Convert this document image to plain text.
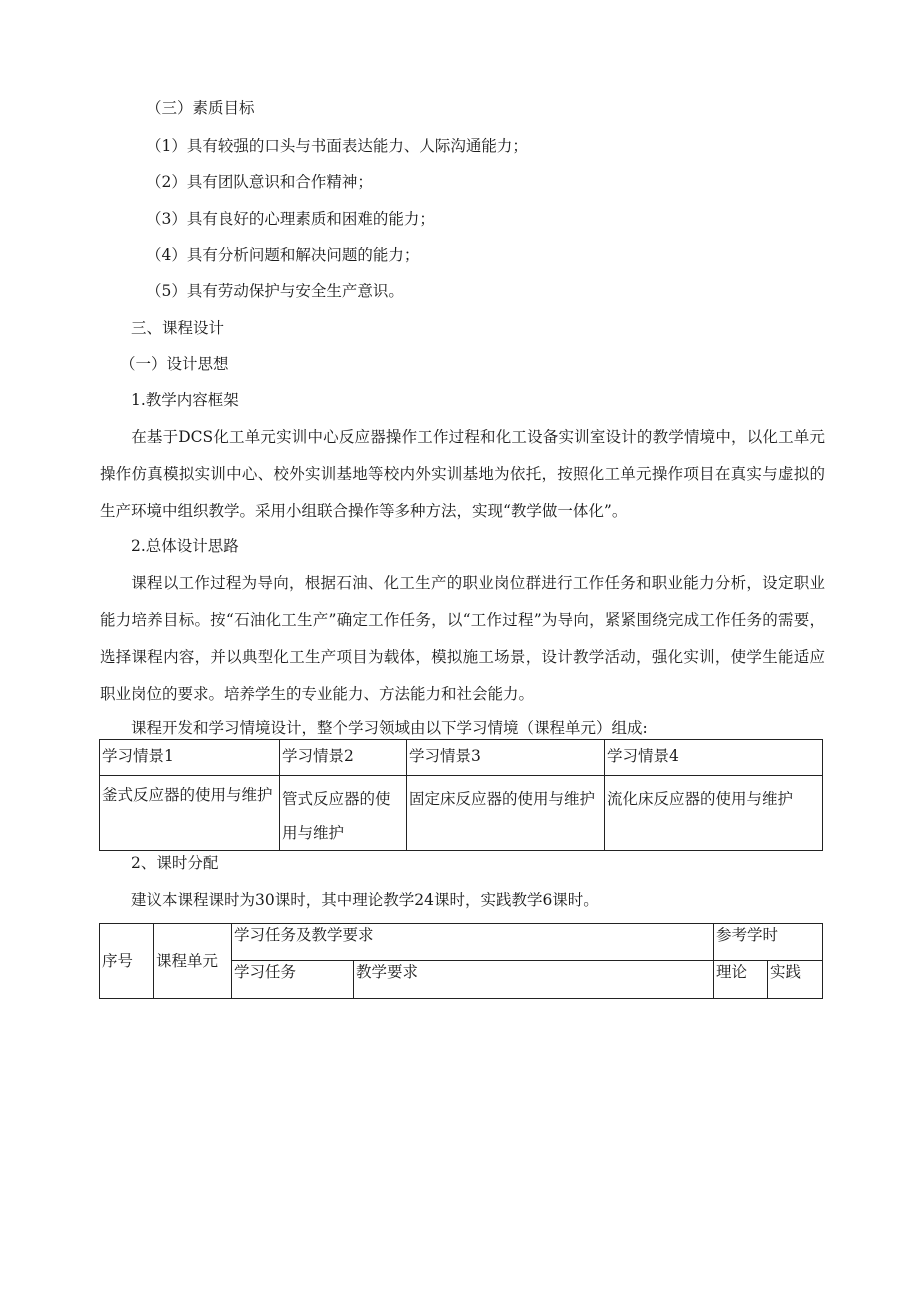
（三）素质目标
（1）具有较强的口头与书面表达能力、人际沟通能力；
（2）具有团队意识和合作精神；
（3）具有良好的心理素质和困难的能力；
（4）具有分析问题和解决问题的能力；
（5）具有劳动保护与安全生产意识。
三、课程设计
（一）设计思想
1.教学内容框架
在基于DCS化工单元实训中心反应器操作工作过程和化工设备实训室设计的教学情境中，以化工单元操作仿真模拟实训中心、校外实训基地等校内外实训基地为依托，按照化工单元操作项目在真实与虚拟的生产环境中组织教学。采用小组联合操作等多种方法，实现“教学做一体化”。
2.总体设计思路
课程以工作过程为导向，根据石油、化工生产的职业岗位群进行工作任务和职业能力分析，设定职业能力培养目标。按“石油化工生产”确定工作任务，以“工作过程”为导向，紧紧围绕完成工作任务的需要，选择课程内容，并以典型化工生产项目为载体，模拟施工场景，设计教学活动，强化实训，使学生能适应职业岗位的要求。培养学生的专业能力、方法能力和社会能力。
课程开发和学习情境设计，整个学习领域由以下学习情境（课程单元）组成:
学习情景1	学习情景2	学习情景3	学习情景4
釜式反应器的使用与维护	管式反应器的使用与维护	固定床反应器的使用与维护	流化床反应器的使用与维护
2、课时分配
建议本课程课时为30课时，其中理论教学24课时，实践教学6课时。
序号	课程单元	学习任务及教学要求		参考学时	
		学习任务	教学要求	理论	实践
